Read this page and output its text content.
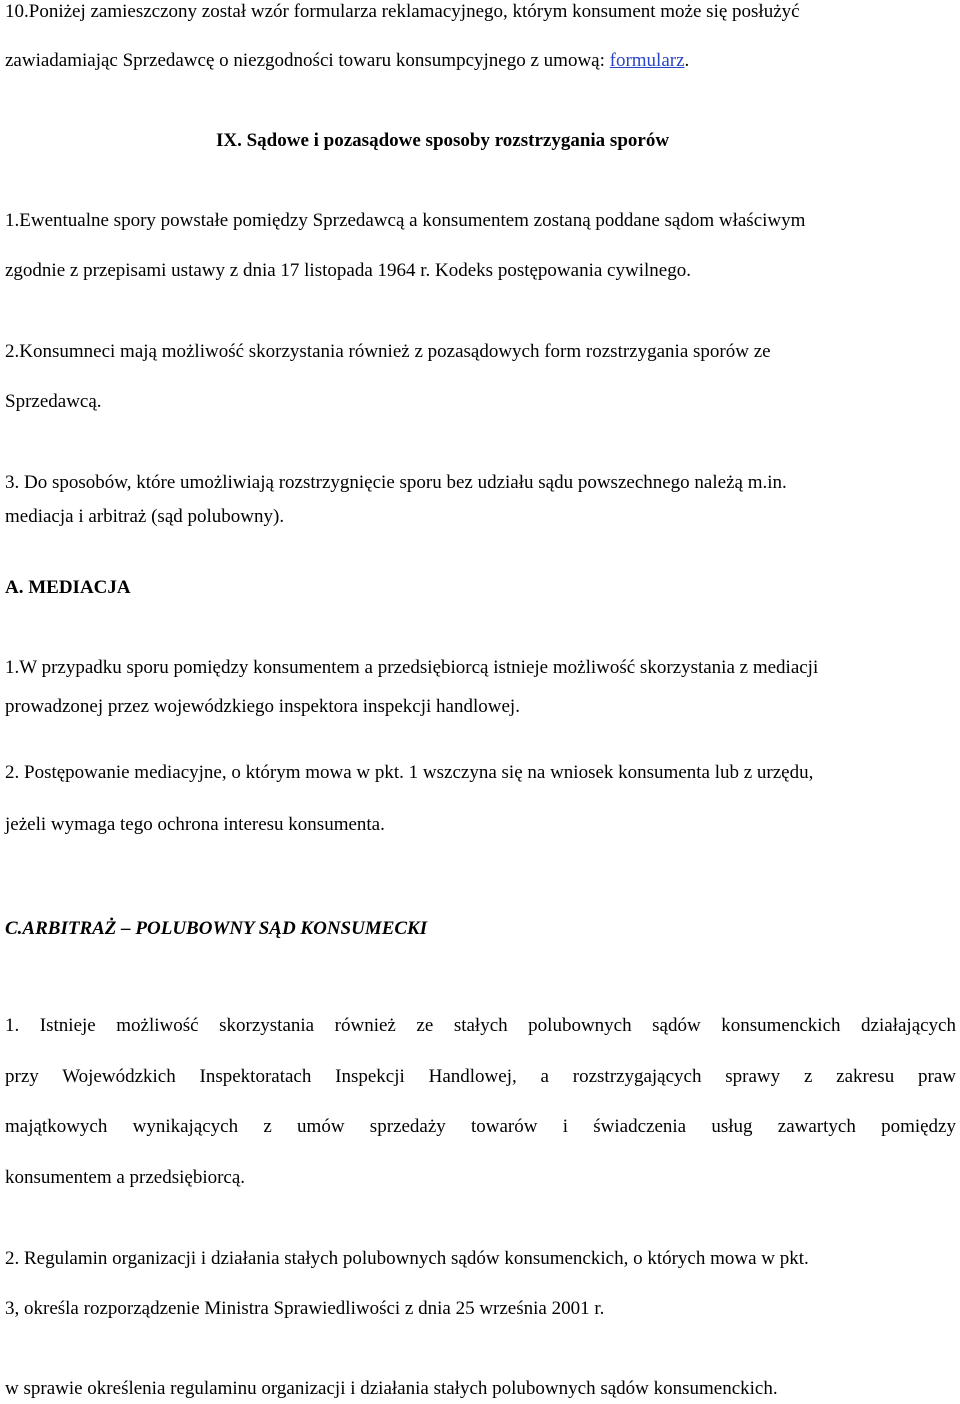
10.Poniżej zamieszczony został wzór formularza reklamacyjnego, którym konsument może się posłużyć
zawiadamiając Sprzedawcę o niezgodności towaru konsumpcyjnego z umową: formularz.
IX. Sądowe i pozasądowe sposoby rozstrzygania sporów
1.Ewentualne spory powstałe pomiędzy Sprzedawcą a konsumentem zostaną poddane sądom właściwym
zgodnie z przepisami ustawy z dnia 17 listopada 1964 r. Kodeks postępowania cywilnego.
2.Konsumneci mają możliwość skorzystania również z pozasądowych form rozstrzygania sporów ze
Sprzedawcą.
3. Do sposobów, które umożliwiają rozstrzygnięcie sporu bez udziału sądu powszechnego należą m.in.
mediacja i arbitraż (sąd polubowny).
A. MEDIACJA
1.W przypadku sporu pomiędzy konsumentem a przedsiębiorcą istnieje możliwość skorzystania z mediacji
prowadzonej przez wojewódzkiego inspektora inspekcji handlowej.
2. Postępowanie mediacyjne, o którym mowa w pkt. 1 wszczyna się na wniosek konsumenta lub z urzędu,
jeżeli wymaga tego ochrona interesu konsumenta.
C.ARBITRAŻ – POLUBOWNY SĄD KONSUMECKI
1. Istnieje możliwość skorzystania również ze stałych polubownych sądów konsumenckich działających
przy Wojewódzkich Inspektoratach Inspekcji Handlowej, a rozstrzygających sprawy z zakresu praw
majątkowych wynikających z umów sprzedaży towarów i świadczenia usług zawartych pomiędzy
konsumentem a przedsiębiorcą.
2. Regulamin organizacji i działania stałych polubownych sądów konsumenckich, o których mowa w pkt.
3, określa rozporządzenie Ministra Sprawiedliwości z dnia 25 września 2001 r.
w sprawie określenia regulaminu organizacji i działania stałych polubownych sądów konsumenckich.
